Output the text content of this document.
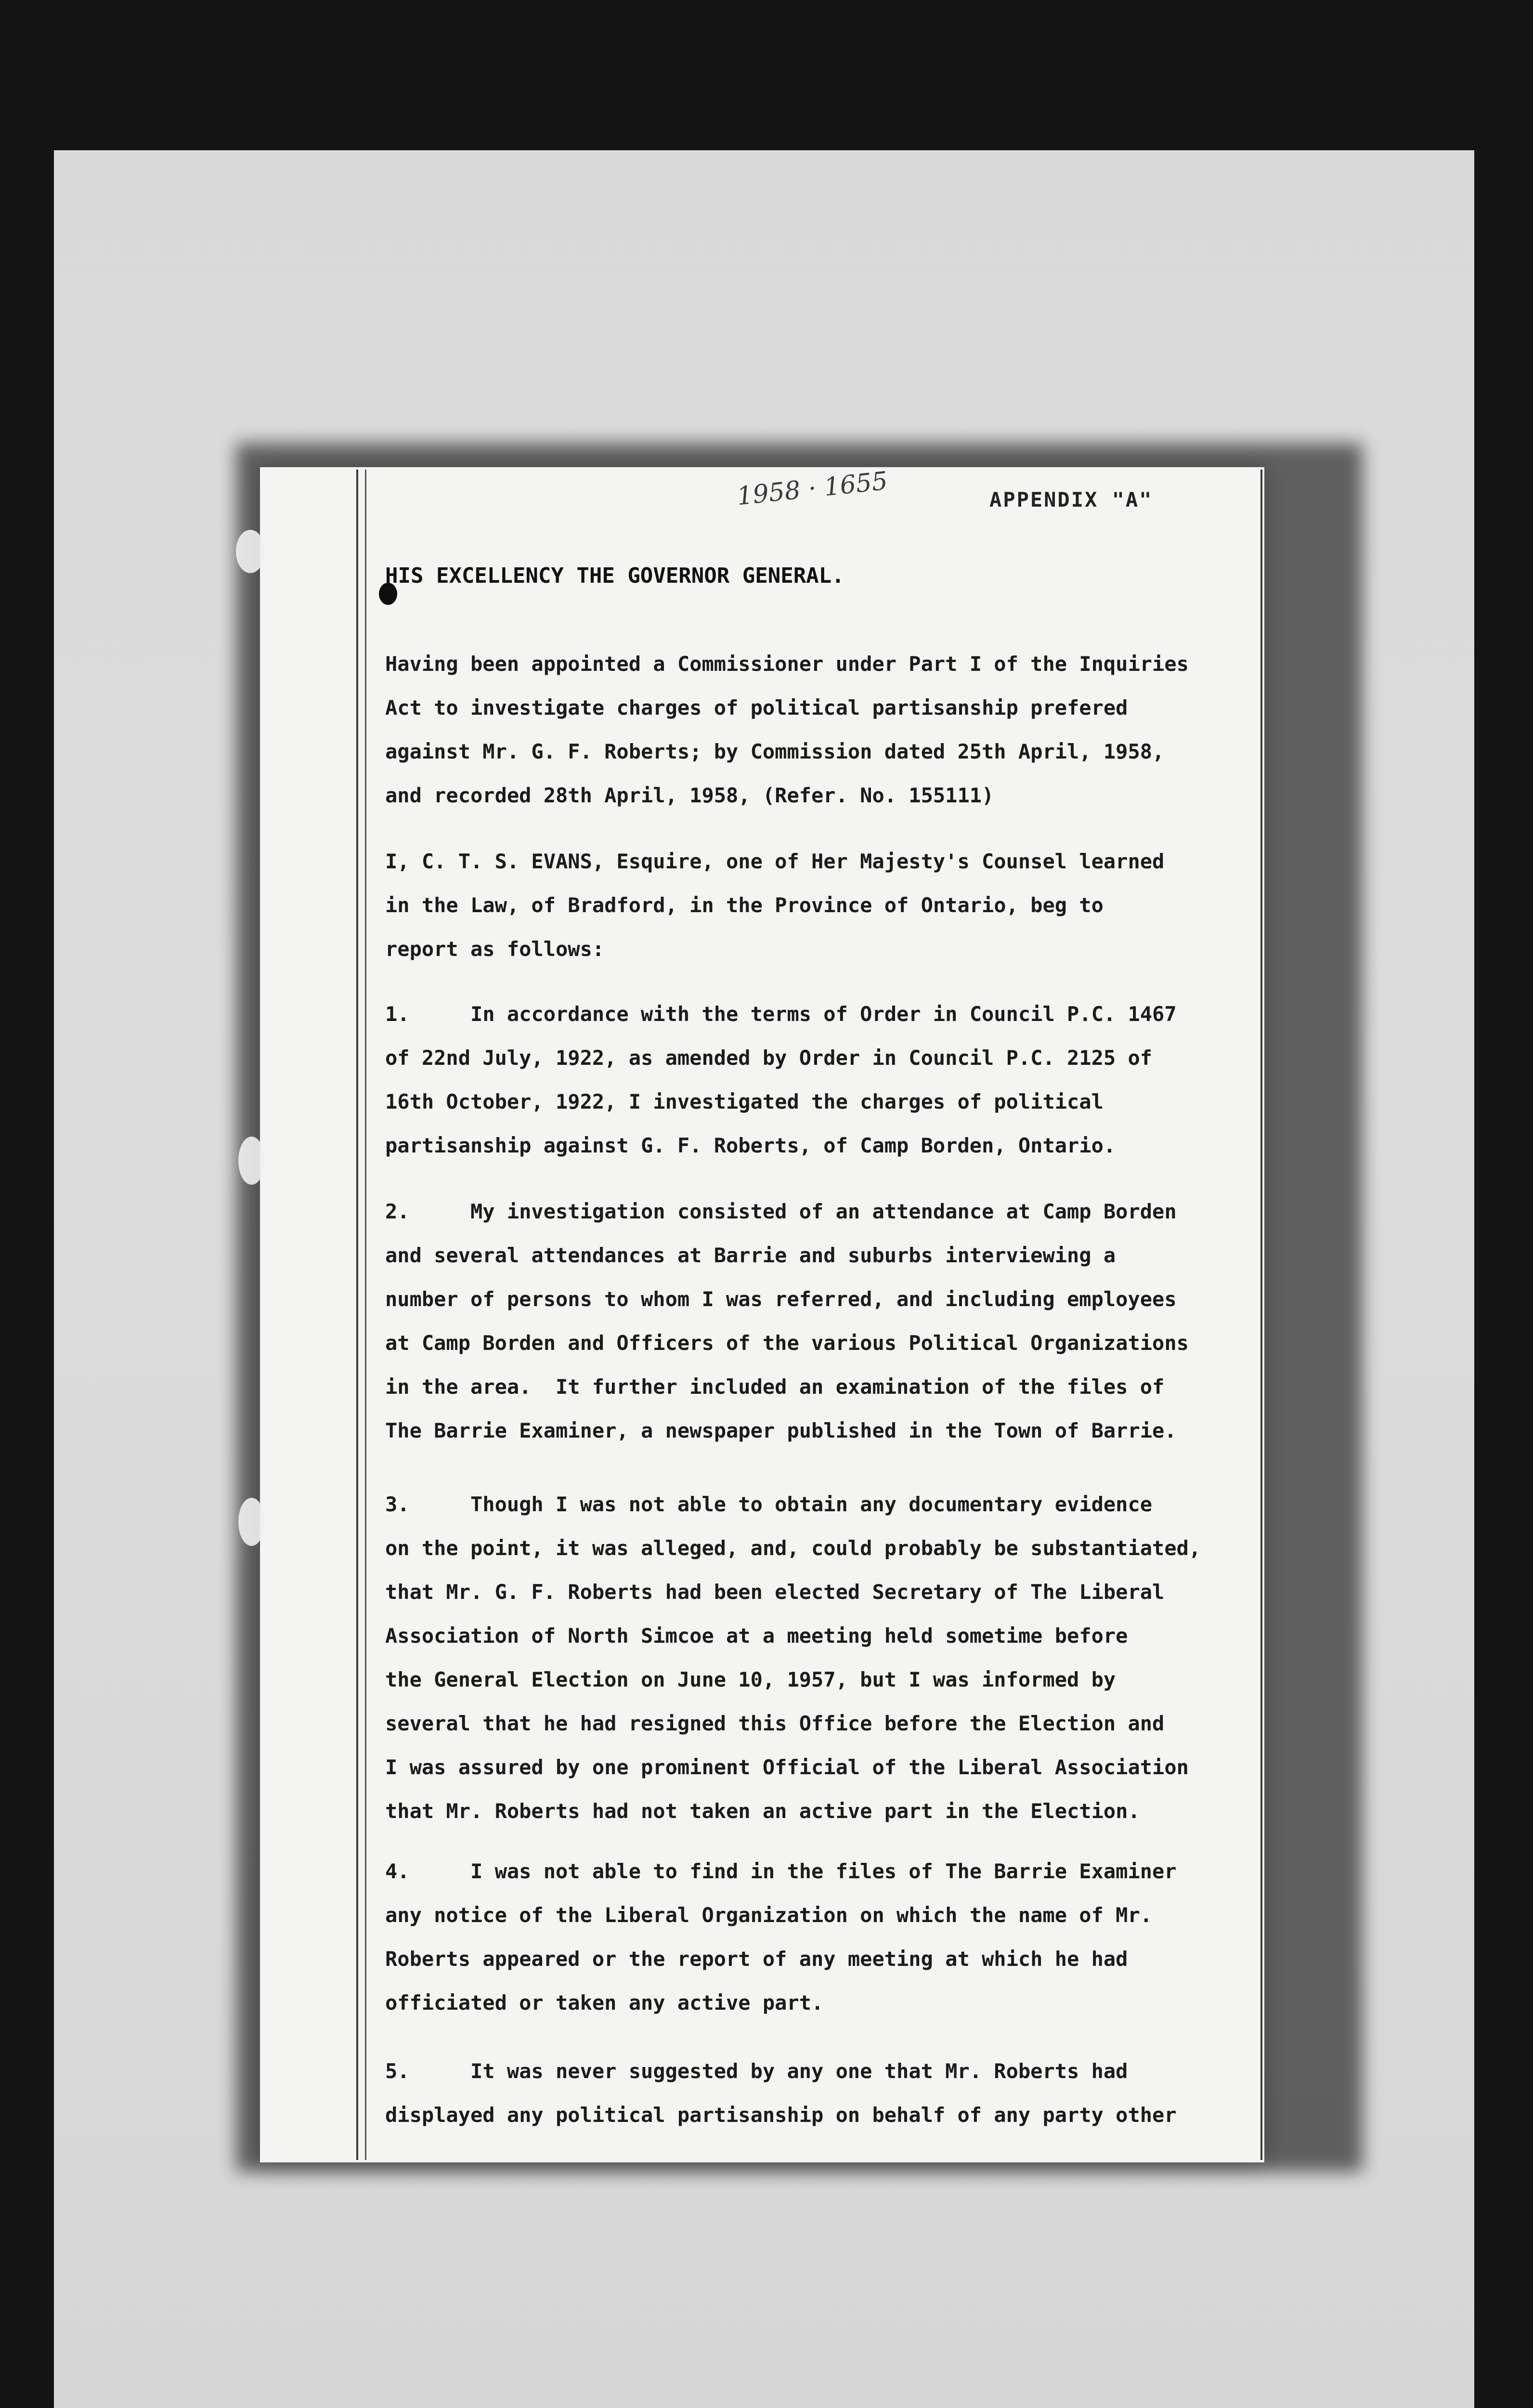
1958 · 1655	APPENDIX "A"
HIS EXCELLENCY THE GOVERNOR GENERAL.
Having been appointed a Commissioner under Part I of the Inquiries
Act to investigate charges of political partisanship prefered
against Mr. G. F. Roberts; by Commission dated 25th April, 1958,
and recorded 28th April, 1958, (Refer. No. 155111)
I, C. T. S. EVANS, Esquire, one of Her Majesty's Counsel learned
in the Law, of Bradford, in the Province of Ontario, beg to
report as follows:
1.     In accordance with the terms of Order in Council P.C. 1467
of 22nd July, 1922, as amended by Order in Council P.C. 2125 of
16th October, 1922, I investigated the charges of political
partisanship against G. F. Roberts, of Camp Borden, Ontario.
2.     My investigation consisted of an attendance at Camp Borden
and several attendances at Barrie and suburbs interviewing a
number of persons to whom I was referred, and including employees
at Camp Borden and Officers of the various Political Organizations
in the area.  It further included an examination of the files of
The Barrie Examiner, a newspaper published in the Town of Barrie.
3.     Though I was not able to obtain any documentary evidence
on the point, it was alleged, and, could probably be substantiated,
that Mr. G. F. Roberts had been elected Secretary of The Liberal
Association of North Simcoe at a meeting held sometime before
the General Election on June 10, 1957, but I was informed by
several that he had resigned this Office before the Election and
I was assured by one prominent Official of the Liberal Association
that Mr. Roberts had not taken an active part in the Election.
4.     I was not able to find in the files of The Barrie Examiner
any notice of the Liberal Organization on which the name of Mr.
Roberts appeared or the report of any meeting at which he had
officiated or taken any active part.
5.     It was never suggested by any one that Mr. Roberts had
displayed any political partisanship on behalf of any party other
